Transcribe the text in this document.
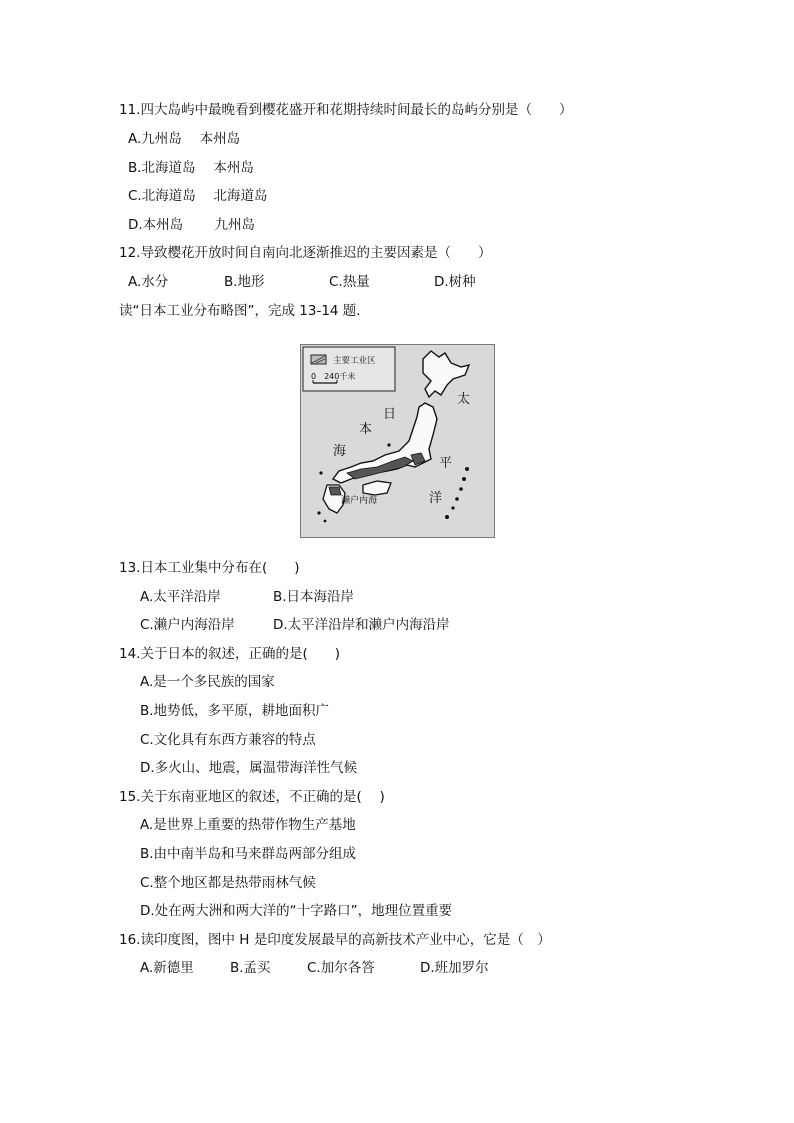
11.四大岛屿中最晚看到樱花盛开和花期持续时间最长的岛屿分别是（　　）
A.九州岛　 本州岛
B.北海道岛　 本州岛
C.北海道岛　 北海道岛
D.本州岛　　 九州岛
12.导致樱花开放时间自南向北逐渐推迟的主要因素是（　　）
A.水分	B.地形	C.热量	D.树种
读“日本工业分布略图”，完成 13-14 题.
主要工业区
0　240千米
日
本
海
太
平
洋
濑户内海
13.日本工业集中分布在(　　)
A.太平洋沿岸	B.日本海沿岸
C.濑户内海沿岸	D.太平洋沿岸和濑户内海沿岸
14.关于日本的叙述，正确的是(　　)
A.是一个多民族的国家
B.地势低，多平原，耕地面积广
C.文化具有东西方兼容的特点
D.多火山、地震，属温带海洋性气候
15.关于东南亚地区的叙述，不正确的是(　 )
A.是世界上重要的热带作物生产基地
B.由中南半岛和马来群岛两部分组成
C.整个地区都是热带雨林气候
D.处在两大洲和两大洋的“十字路口”，地理位置重要
16.读印度图，图中 H 是印度发展最早的高新技术产业中心，它是（　）
A.新德里	B.孟买	C.加尔各答	D.班加罗尔
